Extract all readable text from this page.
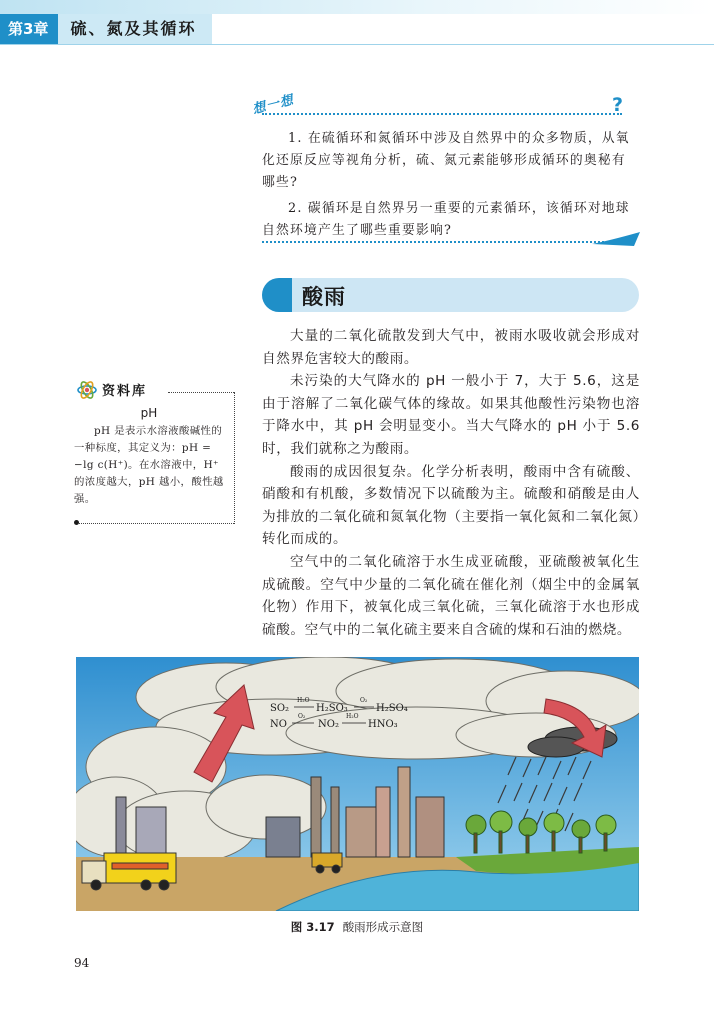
第3章	硫、氮及其循环
想一想	?

1. 在硫循环和氮循环中涉及自然界中的众多物质，从氧化还原反应等视角分析，硫、氮元素能够形成循环的奥秘有哪些?

2. 碳循环是自然界另一重要的元素循环，该循环对地球自然环境产生了哪些重要影响?

酸雨

大量的二氧化硫散发到大气中，被雨水吸收就会形成对自然界危害较大的酸雨。

未污染的大气降水的 pH 一般小于 7，大于 5.6，这是由于溶解了二氧化碳气体的缘故。如果其他酸性污染物也溶于降水中，其 pH 会明显变小。当大气降水的 pH 小于 5.6 时，我们就称之为酸雨。

酸雨的成因很复杂。化学分析表明，酸雨中含有硫酸、硝酸和有机酸，多数情况下以硫酸为主。硫酸和硝酸是由人为排放的二氧化硫和氮氧化物（主要指一氧化氮和二氧化氮）转化而成的。

空气中的二氧化硫溶于水生成亚硫酸，亚硫酸被氧化生成硫酸。空气中少量的二氧化硫在催化剂（烟尘中的金属氧化物）作用下，被氧化成三氧化硫，三氧化硫溶于水也形成硫酸。空气中的二氧化硫主要来自含硫的煤和石油的燃烧。

资料库
pH

pH 是表示水溶液酸碱性的一种标度，其定义为：pH = −lg c(H⁺)。在水溶液中，H⁺ 的浓度越大，pH 越小，酸性越强。

SO₂
H₂O
H₂SO₃
O₂
H₂SO₄
NO
O₂
NO₂
H₂O
HNO₃
图 3.17 酸雨形成示意图
94
